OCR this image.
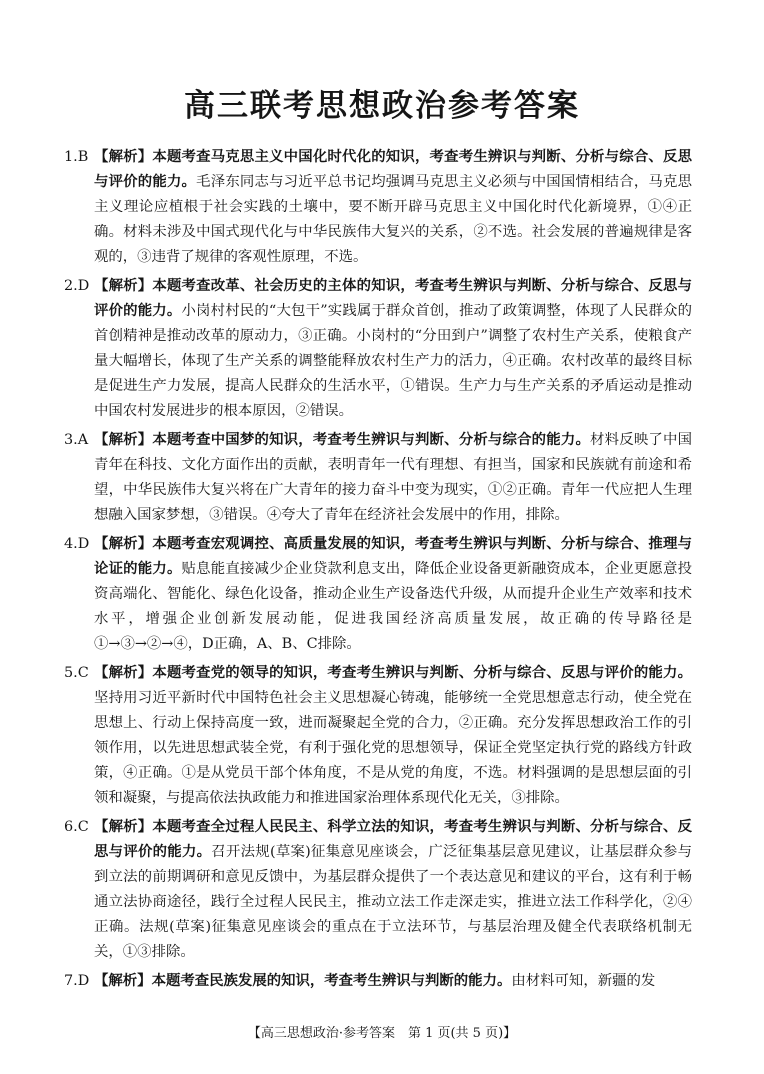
高三联考思想政治参考答案
1.B 【解析】本题考查马克思主义中国化时代化的知识，考查考生辨识与判断、分析与综合、反思与评价的能力。毛泽东同志与习近平总书记均强调马克思主义必须与中国国情相结合，马克思主义理论应植根于社会实践的土壤中，要不断开辟马克思主义中国化时代化新境界，①④正确。材料未涉及中国式现代化与中华民族伟大复兴的关系，②不选。社会发展的普遍规律是客观的，③违背了规律的客观性原理，不选。
2.D 【解析】本题考查改革、社会历史的主体的知识，考查考生辨识与判断、分析与综合、反思与评价的能力。小岗村村民的“大包干”实践属于群众首创，推动了政策调整，体现了人民群众的首创精神是推动改革的原动力，③正确。小岗村的“分田到户”调整了农村生产关系，使粮食产量大幅增长，体现了生产关系的调整能释放农村生产力的活力，④正确。农村改革的最终目标是促进生产力发展，提高人民群众的生活水平，①错误。生产力与生产关系的矛盾运动是推动中国农村发展进步的根本原因，②错误。
3.A 【解析】本题考查中国梦的知识，考查考生辨识与判断、分析与综合的能力。材料反映了中国青年在科技、文化方面作出的贡献，表明青年一代有理想、有担当，国家和民族就有前途和希望，中华民族伟大复兴将在广大青年的接力奋斗中变为现实，①②正确。青年一代应把人生理想融入国家梦想，③错误。④夸大了青年在经济社会发展中的作用，排除。
4.D 【解析】本题考查宏观调控、高质量发展的知识，考查考生辨识与判断、分析与综合、推理与论证的能力。贴息能直接减少企业贷款利息支出，降低企业设备更新融资成本，企业更愿意投资高端化、智能化、绿色化设备，推动企业生产设备迭代升级，从而提升企业生产效率和技术水平，增强企业创新发展动能，促进我国经济高质量发展，故正确的传导路径是①→③→②→④，D正确，A、B、C排除。
5.C 【解析】本题考查党的领导的知识，考查考生辨识与判断、分析与综合、反思与评价的能力。坚持用习近平新时代中国特色社会主义思想凝心铸魂，能够统一全党思想意志行动，使全党在思想上、行动上保持高度一致，进而凝聚起全党的合力，②正确。充分发挥思想政治工作的引领作用，以先进思想武装全党，有利于强化党的思想领导，保证全党坚定执行党的路线方针政策，④正确。①是从党员干部个体角度，不是从党的角度，不选。材料强调的是思想层面的引领和凝聚，与提高依法执政能力和推进国家治理体系现代化无关，③排除。
6.C 【解析】本题考查全过程人民民主、科学立法的知识，考查考生辨识与判断、分析与综合、反思与评价的能力。召开法规(草案)征集意见座谈会，广泛征集基层意见建议，让基层群众参与到立法的前期调研和意见反馈中，为基层群众提供了一个表达意见和建议的平台，这有利于畅通立法协商途径，践行全过程人民民主，推动立法工作走深走实，推进立法工作科学化，②④正确。法规(草案)征集意见座谈会的重点在于立法环节，与基层治理及健全代表联络机制无关，①③排除。
7.D 【解析】本题考查民族发展的知识，考查考生辨识与判断的能力。由材料可知，新疆的发
【高三思想政治·参考答案　第 1 页(共 5 页)】
